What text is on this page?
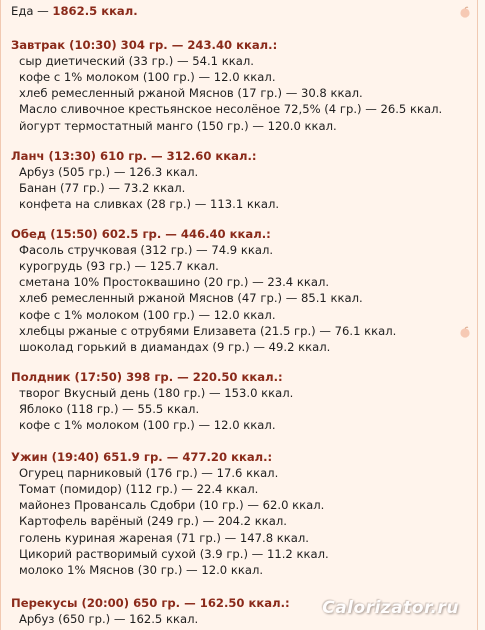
Еда — 1862.5 ккал.
Завтрак (10:30) 304 гр. — 243.40 ккал.:
сыр диетический (33 гр.) — 54.1 ккал.
кофе с 1% молоком (100 гр.) — 12.0 ккал.
хлеб ремесленный ржаной Мяснов (17 гр.) — 30.8 ккал.
Масло сливочное крестьянское несолёное 72,5% (4 гр.) — 26.5 ккал.
йогурт термостатный манго (150 гр.) — 120.0 ккал.
Ланч (13:30) 610 гр. — 312.60 ккал.:
Арбуз (505 гр.) — 126.3 ккал.
Банан (77 гр.) — 73.2 ккал.
конфета на сливках (28 гр.) — 113.1 ккал.
Обед (15:50) 602.5 гр. — 446.40 ккал.:
Фасоль стручковая (312 гр.) — 74.9 ккал.
курогрудь (93 гр.) — 125.7 ккал.
сметана 10% Простоквашино (20 гр.) — 23.4 ккал.
хлеб ремесленный ржаной Мяснов (47 гр.) — 85.1 ккал.
кофе с 1% молоком (100 гр.) — 12.0 ккал.
хлебцы ржаные с отрубями Елизавета (21.5 гр.) — 76.1 ккал.
шоколад горький в диамандах (9 гр.) — 49.2 ккал.
Полдник (17:50) 398 гр. — 220.50 ккал.:
творог Вкусный день (180 гр.) — 153.0 ккал.
Яблоко (118 гр.) — 55.5 ккал.
кофе с 1% молоком (100 гр.) — 12.0 ккал.
Ужин (19:40) 651.9 гр. — 477.20 ккал.:
Огурец парниковый (176 гр.) — 17.6 ккал.
Томат (помидор) (112 гр.) — 22.4 ккал.
майонез Провансаль Сдобри (10 гр.) — 62.0 ккал.
Картофель варёный (249 гр.) — 204.2 ккал.
голень куриная жареная (71 гр.) — 147.8 ккал.
Цикорий растворимый сухой (3.9 гр.) — 11.2 ккал.
молоко 1% Мяснов (30 гр.) — 12.0 ккал.
Перекусы (20:00) 650 гр. — 162.50 ккал.:
Арбуз (650 гр.) — 162.5 ккал.
Calorizator.ru
